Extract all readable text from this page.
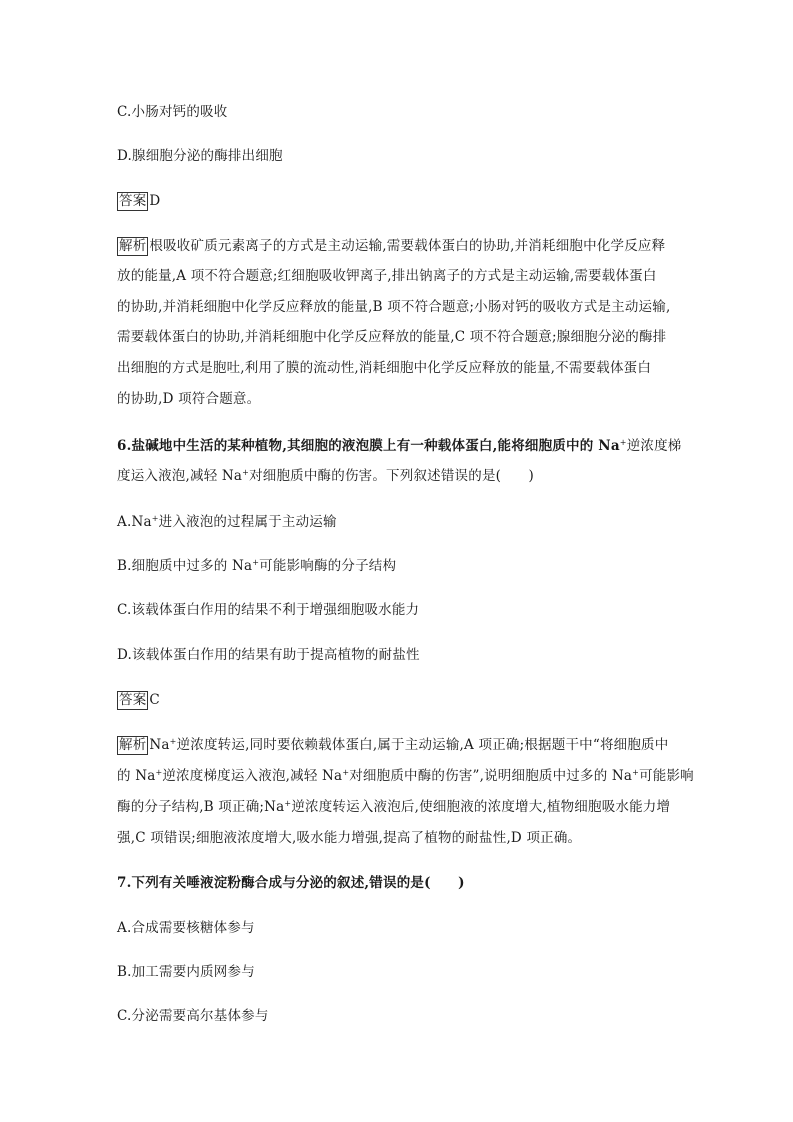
C.小肠对钙的吸收
D.腺细胞分泌的酶排出细胞
答案 D
解析 根吸收矿质元素离子的方式是主动运输,需要载体蛋白的协助,并消耗细胞中化学反应释
放的能量,A 项不符合题意;红细胞吸收钾离子,排出钠离子的方式是主动运输,需要载体蛋白
的协助,并消耗细胞中化学反应释放的能量,B 项不符合题意;小肠对钙的吸收方式是主动运输,
需要载体蛋白的协助,并消耗细胞中化学反应释放的能量,C 项不符合题意;腺细胞分泌的酶排
出细胞的方式是胞吐,利用了膜的流动性,消耗细胞中化学反应释放的能量,不需要载体蛋白
的协助,D 项符合题意。
6.盐碱地中生活的某种植物,其细胞的液泡膜上有一种载体蛋白,能将细胞质中的 Na+逆浓度梯
度运入液泡,减轻 Na+对细胞质中酶的伤害。下列叙述错误的是(　　)
A.Na+进入液泡的过程属于主动运输
B.细胞质中过多的 Na+可能影响酶的分子结构
C.该载体蛋白作用的结果不利于增强细胞吸水能力
D.该载体蛋白作用的结果有助于提高植物的耐盐性
答案 C
解析 Na+逆浓度转运,同时要依赖载体蛋白,属于主动运输,A 项正确;根据题干中“将细胞质中
的 Na+逆浓度梯度运入液泡,减轻 Na+对细胞质中酶的伤害”,说明细胞质中过多的 Na+可能影响
酶的分子结构,B 项正确;Na+逆浓度转运入液泡后,使细胞液的浓度增大,植物细胞吸水能力增
强,C 项错误;细胞液浓度增大,吸水能力增强,提高了植物的耐盐性,D 项正确。
7.下列有关唾液淀粉酶合成与分泌的叙述,错误的是(　　)
A.合成需要核糖体参与
B.加工需要内质网参与
C.分泌需要高尔基体参与
